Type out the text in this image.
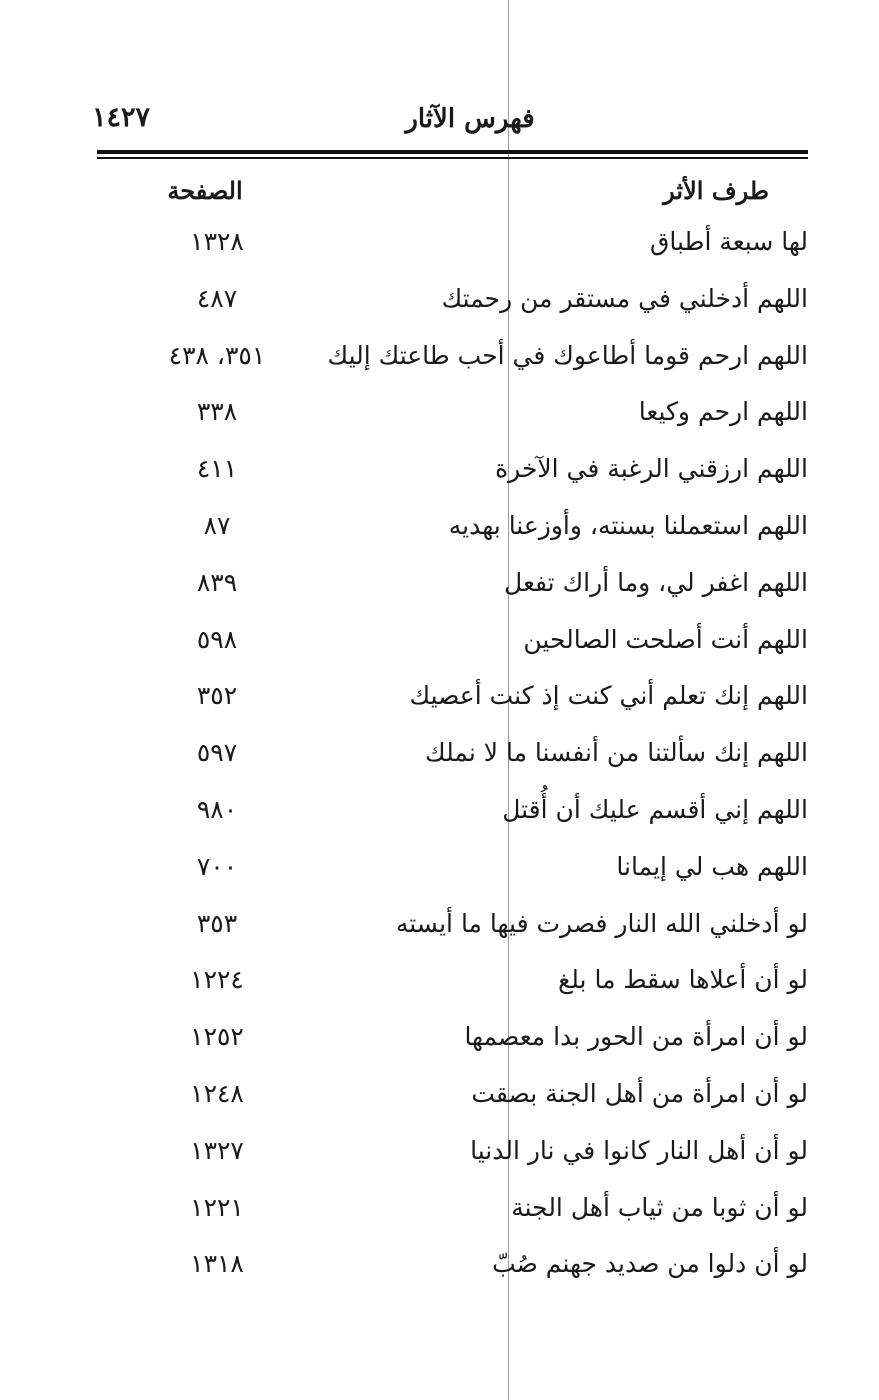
فهرس الآثار
١٤٢٧
طرف الأثر
الصفحة
لها سبعة أطباق
١٣٢٨
اللهم أدخلني في مستقر من رحمتك
٤٨٧
اللهم ارحم قوما أطاعوك في أحب طاعتك إليك
٣٥١، ٤٣٨
اللهم ارحم وكيعا
٣٣٨
اللهم ارزقني الرغبة في الآخرة
٤١١
اللهم استعملنا بسنته، وأوزعنا بهديه
٨٧
اللهم اغفر لي، وما أراك تفعل
٨٣٩
اللهم أنت أصلحت الصالحين
٥٩٨
اللهم إنك تعلم أني كنت إذ كنت أعصيك
٣٥٢
اللهم إنك سألتنا من أنفسنا ما لا نملك
٥٩٧
اللهم إني أقسم عليك أن أُقتل
٩٨٠
اللهم هب لي إيمانا
٧٠٠
لو أدخلني الله النار فصرت فيها ما أيسته
٣٥٣
لو أن أعلاها سقط ما بلغ
١٢٢٤
لو أن امرأة من الحور بدا معصمها
١٢٥٢
لو أن امرأة من أهل الجنة بصقت
١٢٤٨
لو أن أهل النار كانوا في نار الدنيا
١٣٢٧
لو أن ثوبا من ثياب أهل الجنة
١٢٢١
لو أن دلوا من صديد جهنم صُبّ
١٣١٨
